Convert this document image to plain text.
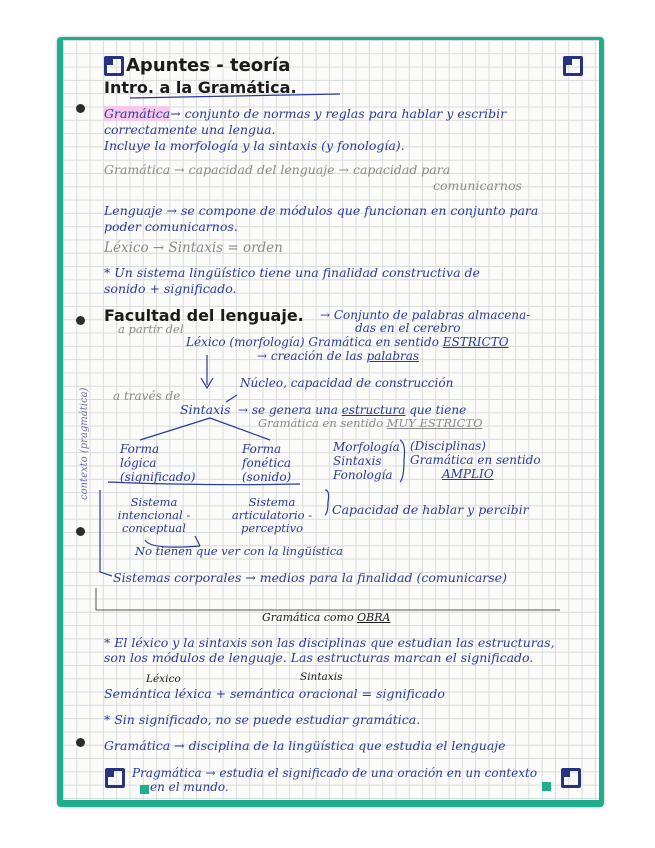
Apuntes - teoría
Intro. a la Gramática.
Gramática→ conjunto de normas y reglas para hablar y escribir
correctamente una lengua.
Incluye la morfología y la sintaxis (y fonología).
Gramática → capacidad del lenguaje → capacidad para
comunicarnos
Lenguaje → se compone de módulos que funcionan en conjunto para
poder comunicarnos.
Léxico → Sintaxis = orden
* Un sistema lingüístico tiene una finalidad constructiva de
sonido + significado.
Facultad del lenguaje. → Conjunto de palabras almacena-
das en el cerebro
a partir del
Léxico (morfología) Gramática en sentido ESTRICTO
→ creación de las palabras
Núcleo, capacidad de construcción
a través de
Sintaxis → se genera una estructura que tiene
Gramática en sentido MUY ESTRICTO
Forma
lógica
(significado)
Forma
fonética
(sonido)
Morfología
Sintaxis
Fonología
(Disciplinas)
Gramática en sentido
AMPLIO
Sistema
intencional -
conceptual
Sistema
articulatorio -
perceptivo
Capacidad de hablar y percibir
No tienen que ver con la lingüística
contexto (pragmática)
Sistemas corporales → medios para la finalidad (comunicarse)
Gramática como OBRA
* El léxico y la sintaxis son las disciplinas que estudian las estructuras,
son los módulos de lenguaje. Las estructuras marcan el significado.
Léxico	Sintaxis
Semántica léxica + semántica oracional = significado
* Sin significado, no se puede estudiar gramática.
Gramática → disciplina de la lingüística que estudia el lenguaje
Pragmática → estudia el significado de una oración en un contexto
en el mundo.
